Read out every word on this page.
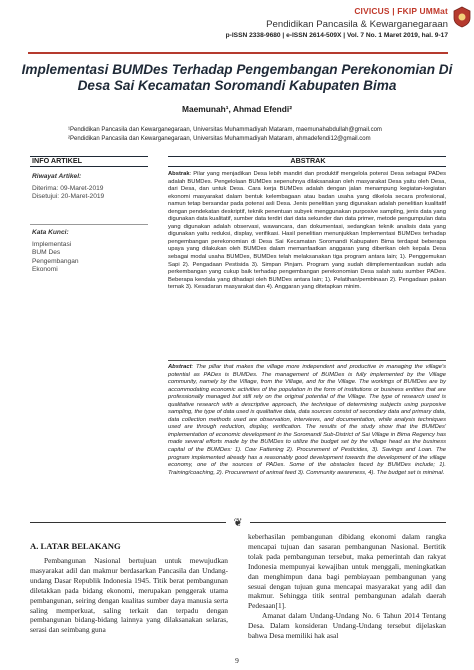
CIVICUS | FKIP UMMat
Pendidikan Pancasila & Kewarganegaraan
p-ISSN 2338-9680 | e-ISSN 2614-509X | Vol. 7 No. 1 Maret 2019, hal. 9-17
Implementasi BUMDes Terhadap Pengembangan Perekonomian Di Desa Sai Kecamatan Soromandi Kabupaten Bima
Maemunah¹, Ahmad Efendi²
¹Pendidikan Pancasila dan Kewarganegaraan, Universitas Muhammadiyah Mataram, maemunahabdullah@gmail.com
²Pendidikan Pancasila dan Kewarganegaraan, Universitas Muhammadiyah Mataram, ahmadefendi12@gmail.com
INFO ARTIKEL	ABSTRAK
Riwayat Artikel:
Diterima: 09-Maret-2019
Disetujui: 20-Maret-2019
Kata Kunci:
Implementasi
BUM Des
Pengembangan
Ekonomi
Abstrak: Pilar yang menjadikan Desa lebih mandiri dan produktif mengelola potensi Desa sebagai PADes adalah BUMDes. Pengelolaan BUMDes sepenuhnya dilaksanakan oleh masyarakat Desa yaitu oleh Desa, dari Desa, dan untuk Desa. Cara kerja BUMDes adalah dengan jalan menampung kegiatan-kegiatan ekonomi masyarakat dalam bentuk kelembagaan atau badan usaha yang dikelola secara profesional, namun tetap bersandar pada potensi asli Desa. Jenis penelitian yang digunakan adalah penelitian kualitatif dengan pendekatan deskriptif, teknik penentuan subyek menggunakan purposive sampling, jenis data yang digunakan data kualitatif, sumber data terdiri dari data sekunder dan data primer, metode pengumpulan data yang digunakan adalah observasi, wawancara, dan dokumentasi, sedangkan teknik analisis data yang digunakan yaitu reduksi, display, verifikasi. Hasil penelitian menunjukkan Implementasi BUMDes terhadap pengembangan perekonomian di Desa Sai Kecamatan Soromandi Kabupaten Bima terdapat beberapa upaya yang dilakukan oleh BUMDes dalam memanfaatkan anggaran yang diberikan oleh kepala Desa sebagai modal usaha BUMDes, BUMDes telah melaksanakan tiga program antara lain; 1). Penggemukan Sapi 2). Pengadaan Pestisida 3). Simpan Pinjam. Program yang sudah diimplementasikan sudah ada perkembangan yang cukup baik terhadap pengembangan perekonomian Desa salah satu sumber PADes. Beberapa kendala yang dihadapi oleh BUMDes antara lain; 1). Pelatihan/pembinaan 2). Pengadaan pakan ternak 3). Kesadaran masyarakat dan 4). Anggaran yang ditetapkan minim.
Abstract: The pillar that makes the village more independent and productive in managing the village's potential as PADes is BUMDes. The management of BUMDes is fully implemented by the Village community, namely by the Village, from the Village, and for the Village. The workings of BUMDes are by accommodating economic activities of the population in the form of institutions or business entities that are professionally managed but still rely on the original potential of the Village. The type of research used is qualitative research with a descriptive approach, the technique of determining subjects using purposive sampling, the type of data used is qualitative data, data sources consist of secondary data and primary data, data collection methods used are observation, interviews, and documentation, while analysis techniques used are through reduction, display, verification. The results of the study show that the BUMDes' implementation of economic development in the Soromandi Sub-District of Sai Village in Bima Regency has made several efforts made by the BUMDes to utilize the budget set by the village head as the business capital of the BUMDes: 1). Cow Fattening 2). Procurement of Pesticides, 3). Savings and Loan. The program implemented already has a reasonably good development towards the development of the village economy, one of the sources of PADes. Some of the obstacles faced by BUMDes include; 1). Training/coaching, 2). Procurement of animal feed 3). Community awareness, 4). The budget set is minimal.
❦
A. LATAR BELAKANG

Pembangunan Nasional bertujuan untuk mewujudkan masyarakat adil dan makmur berdasarkan Pancasila dan Undang-undang Dasar Republik Indonesia 1945. Titik berat pembangunan diletakkan pada bidang ekonomi, merupakan penggerak utama pembangunan, seiring dengan kualitas sumber daya manusia serta saling memperkuat, saling terkait dan terpadu dengan pembangunan bidang-bidang lainnya yang dilaksanakan selaras, serasi dan seimbang guna

keberhasilan pembangunan dibidang ekonomi dalam rangka mencapai tujuan dan sasaran pembangunan Nasional. Bertitik tolak pada pembangunan tersebut, maka pemerintah dan rakyat Indonesia mempunyai kewajiban untuk menggali, meningkatkan dan menghimpun dana bagi pembiayaan pembangunan yang sesuai dengan tujuan guna mencapai masyarakat yang adil dan makmur. Sehingga titik sentral pembangunan adalah daerah Pedesaan[1].

Amanat dalam Undang-Undang No. 6 Tahun 2014 Tentang Desa. Dalam konsideran Undang-Undang tersebut dijelaskan bahwa Desa memiliki hak asal

9
